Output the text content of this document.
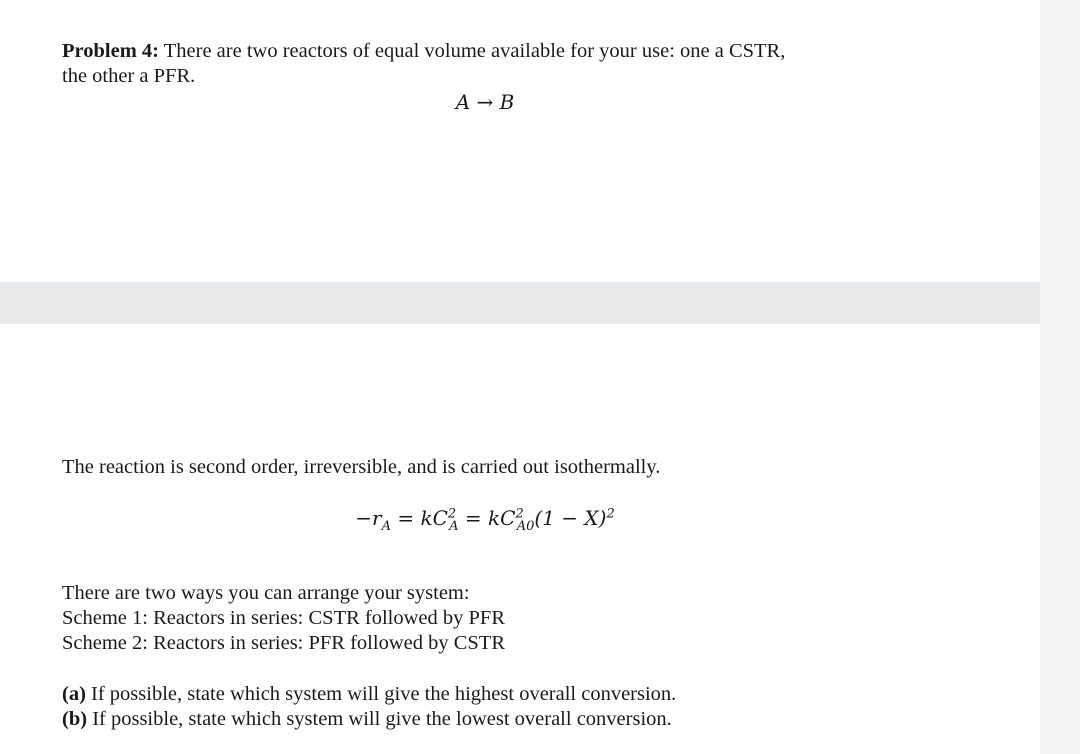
Problem 4: There are two reactors of equal volume available for your use: one a CSTR,
the other a PFR.
A → B
The reaction is second order, irreversible, and is carried out isothermally.
$-r_A = kC^2_A = kC^2_{A0}(1 - X)^2$
There are two ways you can arrange your system:
Scheme 1: Reactors in series: CSTR followed by PFR
Scheme 2: Reactors in series: PFR followed by CSTR
(a) If possible, state which system will give the highest overall conversion.
(b) If possible, state which system will give the lowest overall conversion.
